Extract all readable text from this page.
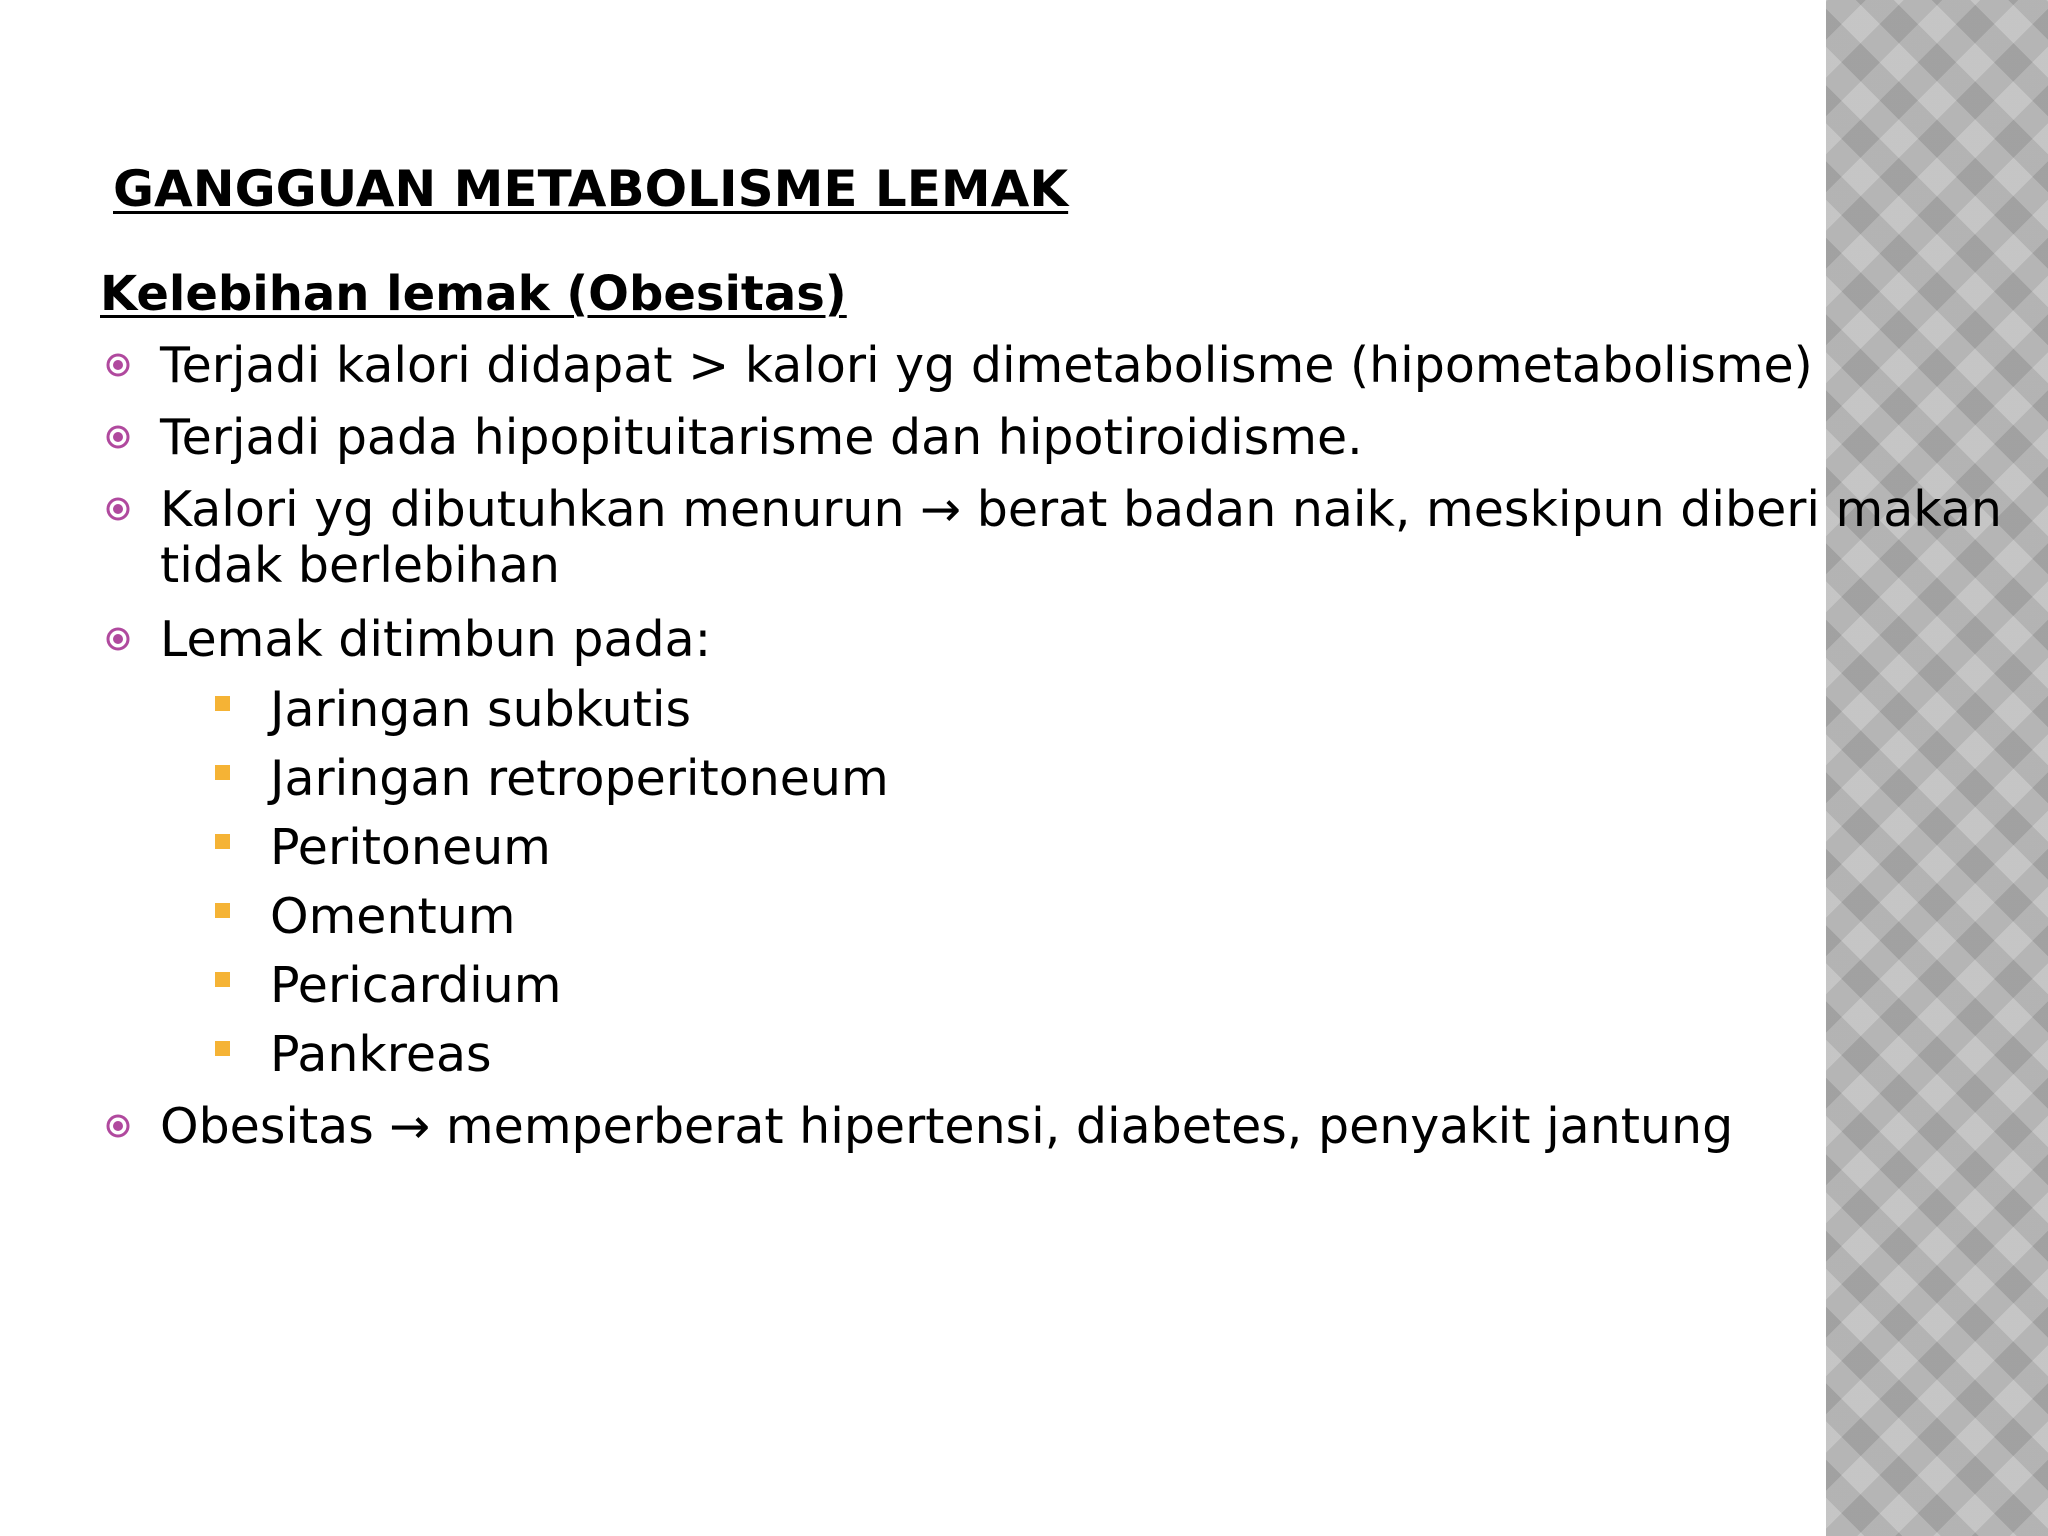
GANGGUAN METABOLISME LEMAK
Kelebihan lemak (Obesitas)
Terjadi kalori didapat > kalori yg dimetabolisme (hipometabolisme)
Terjadi pada hipopituitarisme dan hipotiroidisme.
Kalori yg dibutuhkan menurun → berat badan naik, meskipun diberi makan
tidak berlebihan
Lemak ditimbun pada:
Jaringan subkutis
Jaringan retroperitoneum
Peritoneum
Omentum
Pericardium
Pankreas
Obesitas → memperberat hipertensi, diabetes, penyakit jantung
